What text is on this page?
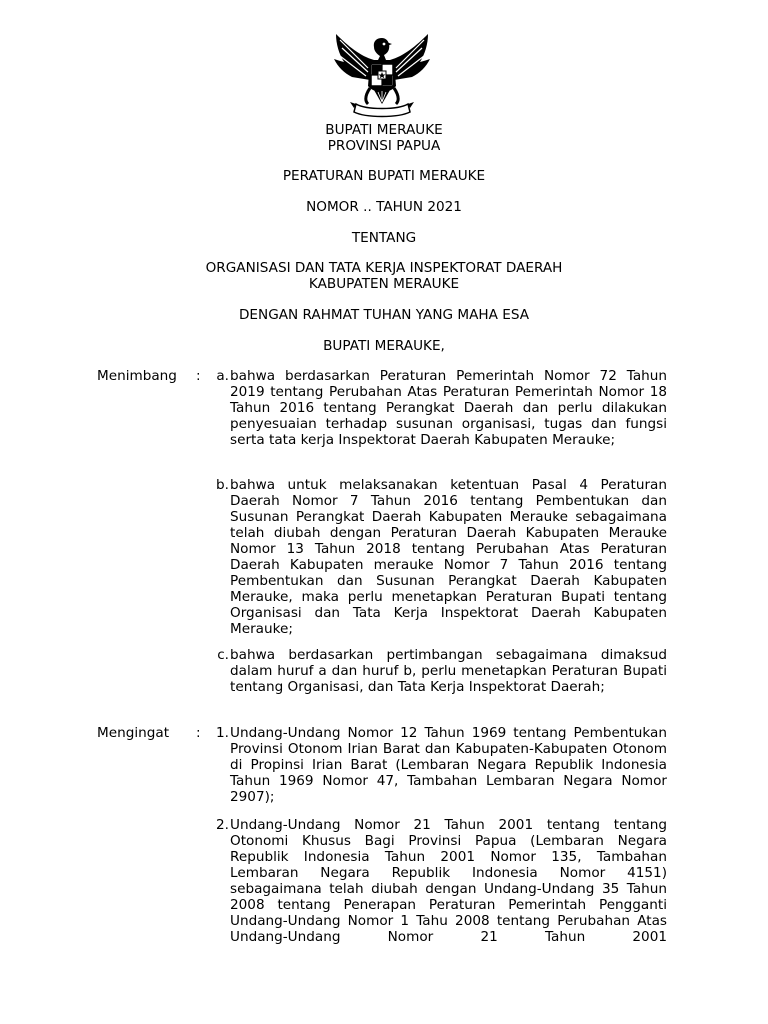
BUPATI MERAUKE
PROVINSI PAPUA
PERATURAN BUPATI MERAUKE
NOMOR .. TAHUN 2021
TENTANG
ORGANISASI DAN TATA KERJA INSPEKTORAT DAERAH
KABUPATEN MERAUKE
DENGAN RAHMAT TUHAN YANG MAHA ESA
BUPATI MERAUKE,
Menimbang :	a. bahwa berdasarkan Peraturan Pemerintah Nomor 72 Tahun 2019 tentang Perubahan Atas Peraturan Pemerintah Nomor 18 Tahun 2016 tentang Perangkat Daerah dan perlu dilakukan penyesuaian terhadap susunan organisasi, tugas dan fungsi serta tata kerja Inspektorat Daerah Kabupaten Merauke;
b. bahwa untuk melaksanakan ketentuan Pasal 4 Peraturan Daerah Nomor 7 Tahun 2016 tentang Pembentukan dan Susunan Perangkat Daerah Kabupaten Merauke sebagaimana telah diubah dengan Peraturan Daerah Kabupaten Merauke Nomor 13 Tahun 2018 tentang Perubahan Atas Peraturan Daerah Kabupaten merauke Nomor 7 Tahun 2016 tentang Pembentukan dan Susunan Perangkat Daerah Kabupaten Merauke, maka perlu menetapkan Peraturan Bupati tentang Organisasi dan Tata Kerja Inspektorat Daerah Kabupaten Merauke;
c. bahwa berdasarkan pertimbangan sebagaimana dimaksud dalam huruf a dan huruf b, perlu menetapkan Peraturan Bupati tentang Organisasi, dan Tata Kerja Inspektorat Daerah;
Mengingat	:	1. Undang-Undang Nomor 12 Tahun 1969 tentang Pembentukan Provinsi Otonom Irian Barat dan Kabupaten-Kabupaten Otonom di Propinsi Irian Barat (Lembaran Negara Republik Indonesia Tahun 1969 Nomor 47, Tambahan Lembaran Negara Nomor 2907);
2. Undang-Undang Nomor 21 Tahun 2001 tentang tentang Otonomi Khusus Bagi Provinsi Papua (Lembaran Negara Republik Indonesia Tahun 2001 Nomor 135, Tambahan Lembaran Negara Republik Indonesia Nomor 4151) sebagaimana telah diubah dengan Undang-Undang 35 Tahun 2008 tentang Penerapan Peraturan Pemerintah Pengganti Undang-Undang Nomor 1 Tahu 2008 tentang Perubahan Atas Undang-Undang Nomor 21 Tahun 2001
